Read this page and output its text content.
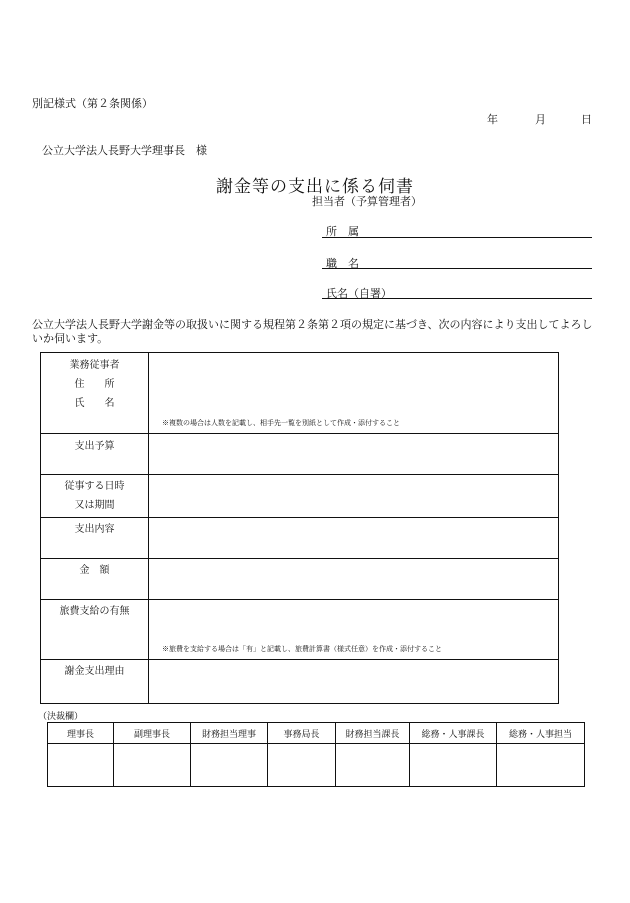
別記様式（第２条関係）
年	月	日
公立大学法人長野大学理事長　様
謝金等の支出に係る伺書
担当者（予算管理者）
所　属
職　名
氏名（自署）
公立大学法人長野大学謝金等の取扱いに関する規程第２条第２項の規定に基づき、次の内容により支出してよろしいか伺います。
業務従事者
住　　所
氏　　名	※複数の場合は人数を記載し、相手先一覧を別紙として作成・添付すること

支出予算	

従事する日時
又は期間	

支出内容	

金　額	

旅費支給の有無	※旅費を支給する場合は「有」と記載し、旅費計算書（様式任意）を作成・添付すること

謝金支出理由	

（決裁欄）
理事長	副理事長	財務担当理事	事務局長	財務担当課長	総務・人事課長	総務・人事担当
